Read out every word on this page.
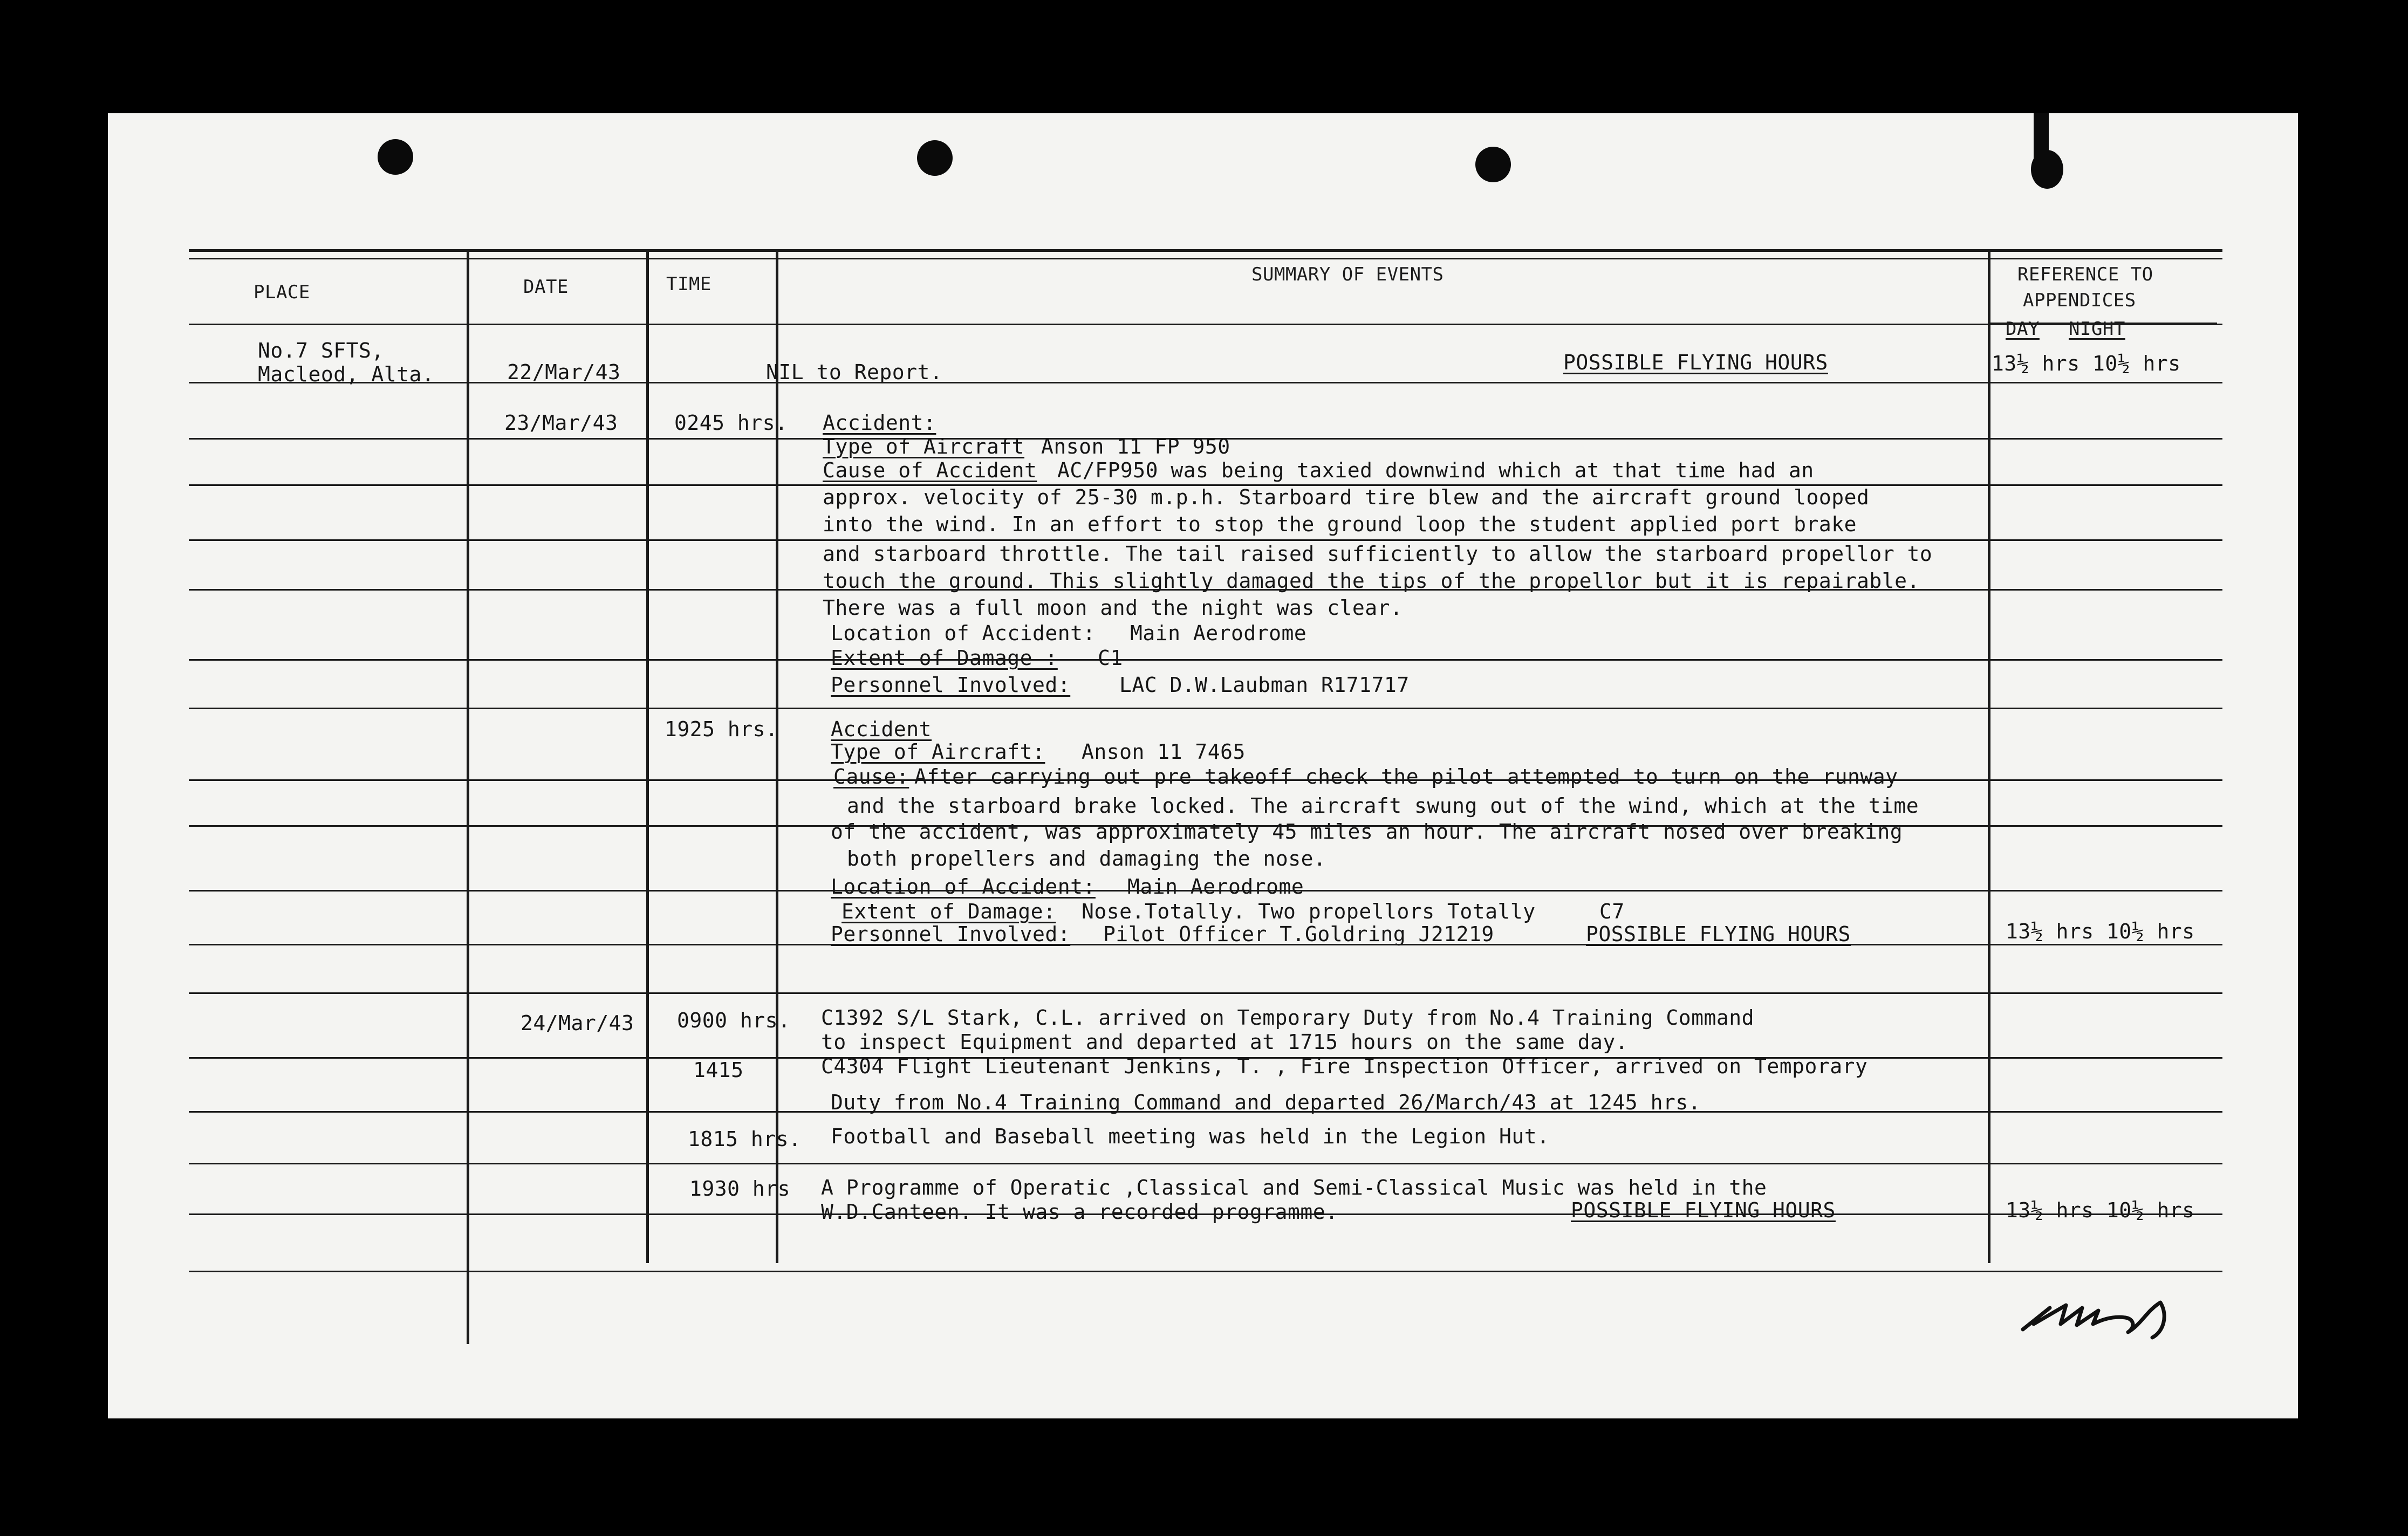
PLACE	DATE	TIME	SUMMARY OF EVENTS	REFERENCE TO
APPENDICES
DAY NIGHT
No.7 SFTS,
Macleod, Alta.	22/Mar/43	NIL to Report.	POSSIBLE FLYING HOURS	13½ hrs 10½ hrs
23/Mar/43	0245 hrs. Accident:
Type of Aircraft Anson 11 FP 950
Cause of Accident AC/FP950 was being taxied downwind which at that time had an
approx. velocity of 25-30 m.p.h. Starboard tire blew and the aircraft ground looped
into the wind. In an effort to stop the ground loop the student applied port brake
and starboard throttle. The tail raised sufficiently to allow the starboard propellor to
touch the ground. This slightly damaged the tips of the propellor but it is repairable.
There was a full moon and the night was clear.
Location of Accident: Main Aerodrome
Extent of Damage : C1
Personnel Involved: LAC D.W.Laubman R171717
1925 hrs.	Accident
Type of Aircraft: Anson 11 7465
Cause: After carrying out pre takeoff check the pilot attempted to turn on the runway
and the starboard brake locked. The aircraft swung out of the wind, which at the time
of the accident, was approximately 45 miles an hour. The aircraft nosed over breaking
both propellers and damaging the nose.
Location of Accident: Main Aerodrome
Extent of Damage: Nose.Totally. Two propellors Totally	C7
Personnel Involved: Pilot Officer T.Goldring J21219	POSSIBLE FLYING HOURS	13½ hrs 10½ hrs
24/Mar/43 0900 hrs. C1392 S/L Stark, C.L. arrived on Temporary Duty from No.4 Training Command
to inspect Equipment and departed at 1715 hours on the same day.
1415	C4304 Flight Lieutenant Jenkins, T. , Fire Inspection Officer, arrived on Temporary
Duty from No.4 Training Command and departed 26/March/43 at 1245 hrs.
1815 hrs. Football and Baseball meeting was held in the Legion Hut.
1930 hrs A Programme of Operatic ,Classical and Semi-Classical Music was held in the
W.D.Canteen. It was a recorded programme.	POSSIBLE FLYING HOURS	13½ hrs 10½ hrs
